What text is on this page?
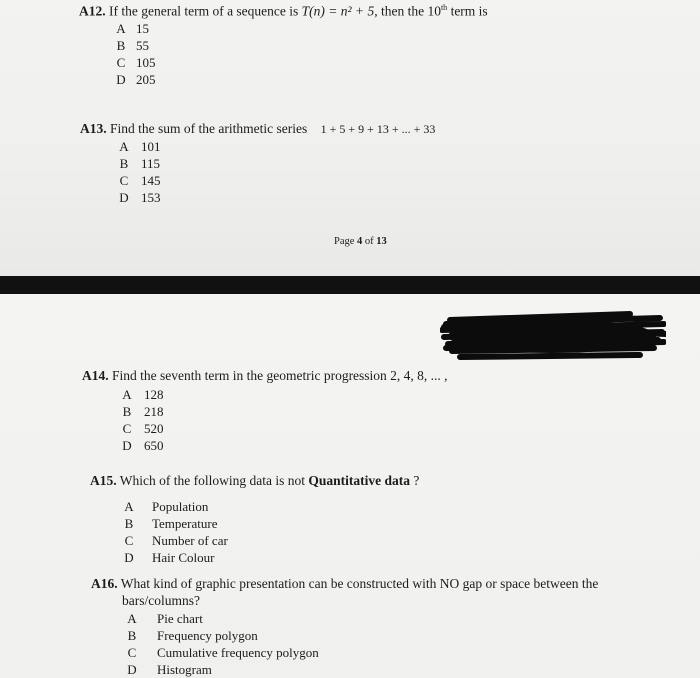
A12. If the general term of a sequence is T(n) = n² + 5, then the 10th term is
A 15
B 55
C 105
D 205
A13. Find the sum of the arithmetic series 1 + 5 + 9 + 13 + ... + 33
A 101
B 115
C 145
D 153
Page 4 of 13
A14. Find the seventh term in the geometric progression 2, 4, 8, ... ,
A 128
B 218
C 520
D 650
A15. Which of the following data is not Quantitative data ?
A Population
B Temperature
C Number of car
D Hair Colour
A16. What kind of graphic presentation can be constructed with NO gap or space between the
bars/columns?
A Pie chart
B Frequency polygon
C Cumulative frequency polygon
D Histogram
